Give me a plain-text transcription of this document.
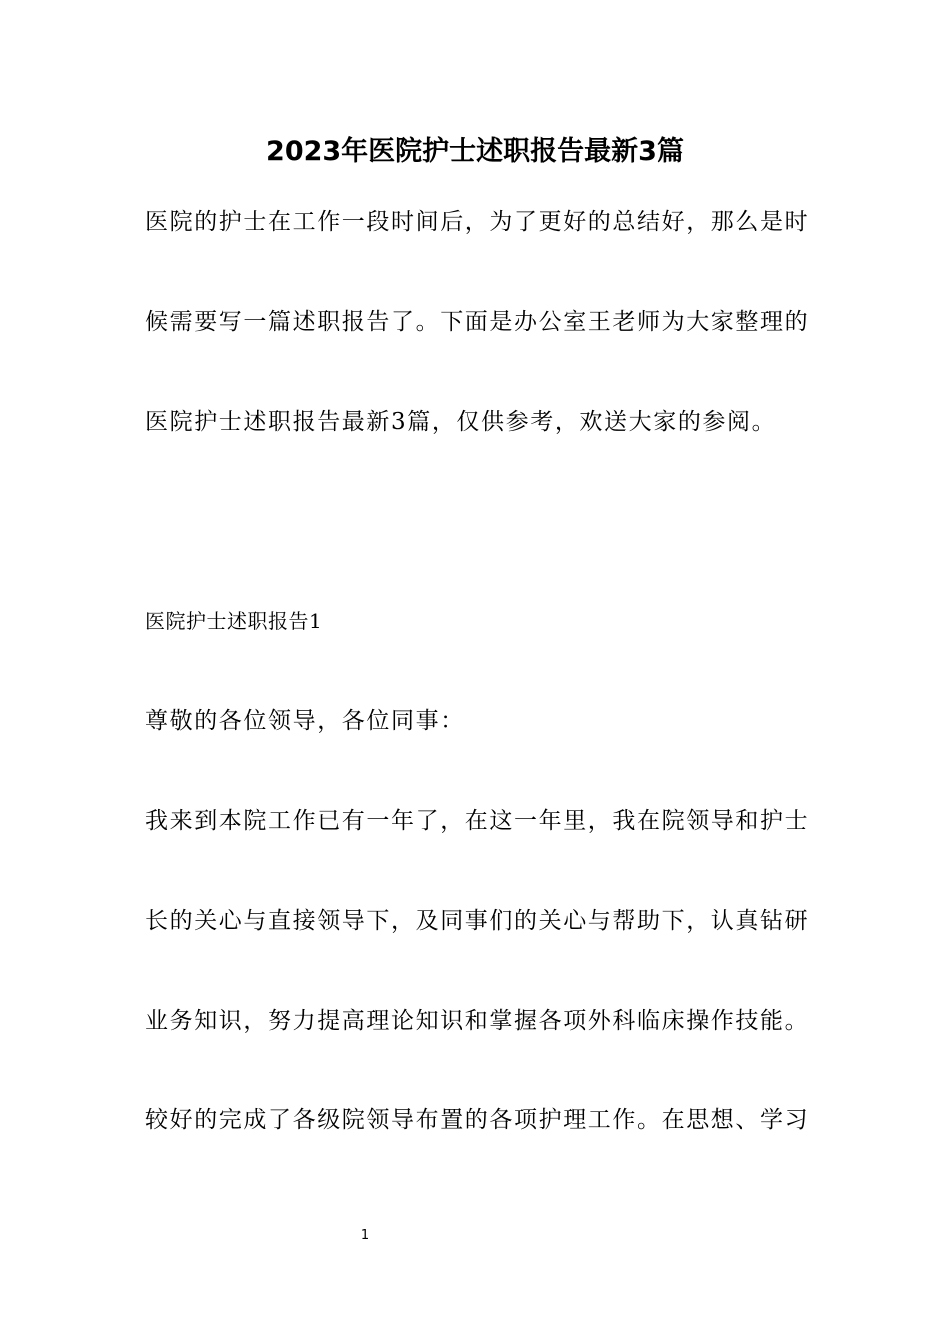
2023年医院护士述职报告最新3篇
医院的护士在工作一段时间后，为了更好的总结好，那么是时
候需要写一篇述职报告了。下面是办公室王老师为大家整理的
医院护士述职报告最新3篇，仅供参考，欢送大家的参阅。
医院护士述职报告1
尊敬的各位领导，各位同事：
我来到本院工作已有一年了，在这一年里，我在院领导和护士
长的关心与直接领导下，及同事们的关心与帮助下，认真钻研
业务知识，努力提高理论知识和掌握各项外科临床操作技能。
较好的完成了各级院领导布置的各项护理工作。在思想、学习
1
